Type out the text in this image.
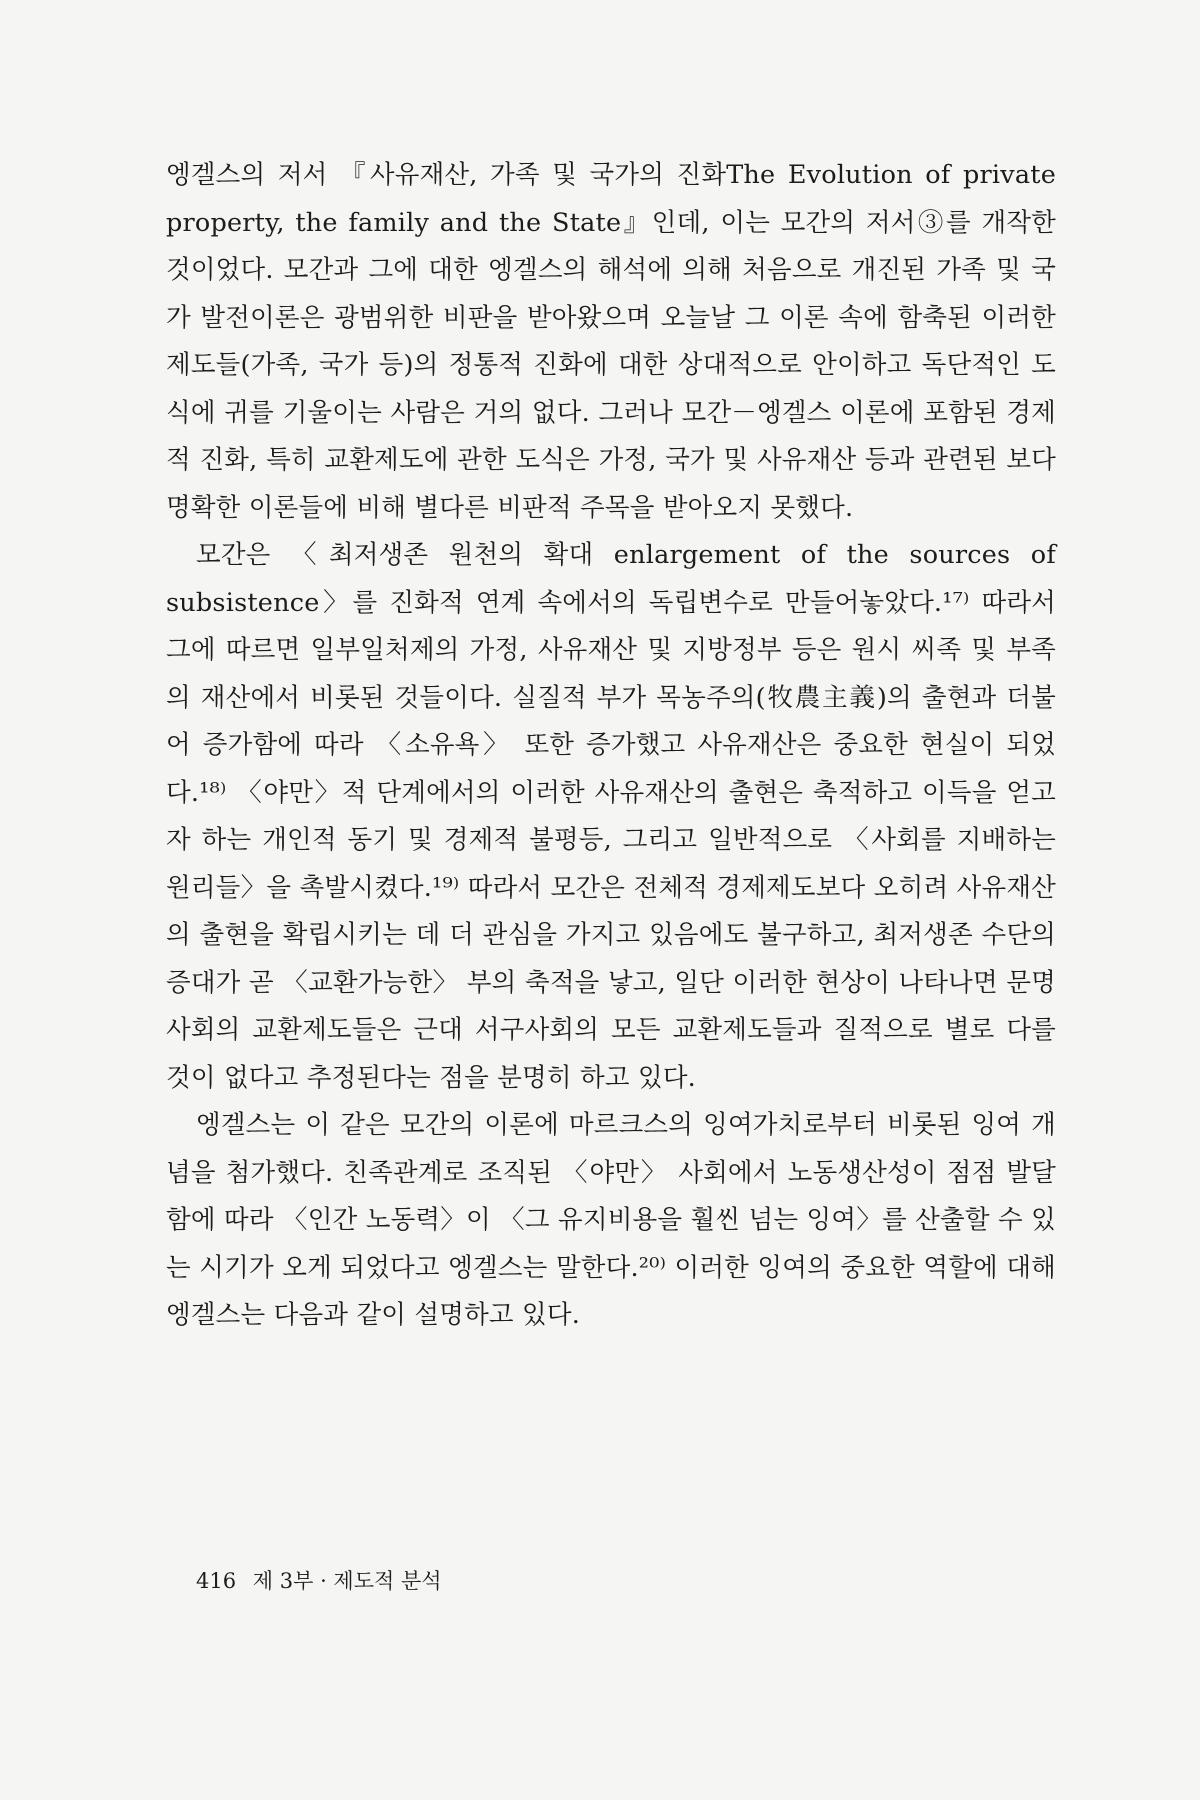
엥겔스의 저서 『사유재산, 가족 및 국가의 진화The Evolution of private property, the family and the State』인데, 이는 모간의 저서③를 개작한 것이었다. 모간과 그에 대한 엥겔스의 해석에 의해 처음으로 개진된 가족 및 국가 발전이론은 광범위한 비판을 받아왔으며 오늘날 그 이론 속에 함축된 이러한 제도들(가족, 국가 등)의 정통적 진화에 대한 상대적으로 안이하고 독단적인 도식에 귀를 기울이는 사람은 거의 없다. 그러나 모간－엥겔스 이론에 포함된 경제적 진화, 특히 교환제도에 관한 도식은 가정, 국가 및 사유재산 등과 관련된 보다 명확한 이론들에 비해 별다른 비판적 주목을 받아오지 못했다.

모간은 〈최저생존 원천의 확대 enlargement of the sources of subsistence〉를 진화적 연계 속에서의 독립변수로 만들어놓았다.¹⁷⁾ 따라서 그에 따르면 일부일처제의 가정, 사유재산 및 지방정부 등은 원시 씨족 및 부족의 재산에서 비롯된 것들이다. 실질적 부가 목농주의(牧農主義)의 출현과 더불어 증가함에 따라 〈소유욕〉 또한 증가했고 사유재산은 중요한 현실이 되었다.¹⁸⁾ 〈야만〉적 단계에서의 이러한 사유재산의 출현은 축적하고 이득을 얻고자 하는 개인적 동기 및 경제적 불평등, 그리고 일반적으로 〈사회를 지배하는 원리들〉을 촉발시켰다.¹⁹⁾ 따라서 모간은 전체적 경제제도보다 오히려 사유재산의 출현을 확립시키는 데 더 관심을 가지고 있음에도 불구하고, 최저생존 수단의 증대가 곧 〈교환가능한〉 부의 축적을 낳고, 일단 이러한 현상이 나타나면 문명사회의 교환제도들은 근대 서구사회의 모든 교환제도들과 질적으로 별로 다를 것이 없다고 추정된다는 점을 분명히 하고 있다.

엥겔스는 이 같은 모간의 이론에 마르크스의 잉여가치로부터 비롯된 잉여 개념을 첨가했다. 친족관계로 조직된 〈야만〉 사회에서 노동생산성이 점점 발달함에 따라 〈인간 노동력〉이 〈그 유지비용을 훨씬 넘는 잉여〉를 산출할 수 있는 시기가 오게 되었다고 엥겔스는 말한다.²⁰⁾ 이러한 잉여의 중요한 역할에 대해 엥겔스는 다음과 같이 설명하고 있다.

416 제 3부 · 제도적 분석
